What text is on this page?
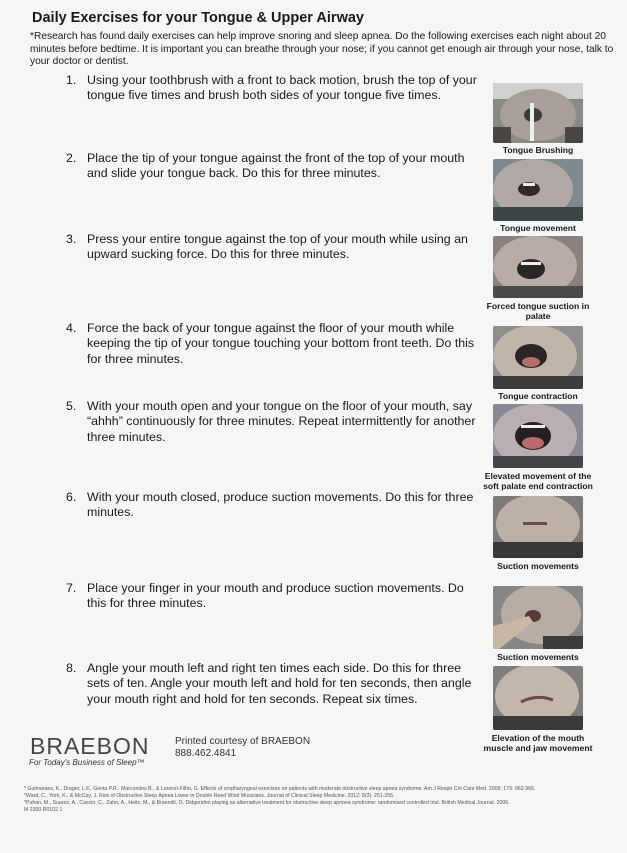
Daily Exercises for your Tongue & Upper Airway
*Research has found daily exercises can help improve snoring and sleep apnea. Do the following exercises each night about 20 minutes before bedtime. It is important you can breathe through your nose; if you cannot get enough air through your nose, talk to your doctor or dentist.
1. Using your toothbrush with a front to back motion, brush the top of your tongue five times and brush both sides of your tongue five times.
Tongue Brushing
2. Place the tip of your tongue against the front of the top of your mouth and slide your tongue back. Do this for three minutes.
Tongue movement
3. Press your entire tongue against the top of your mouth while using an upward sucking force. Do this for three minutes.
Forced tongue suction in palate
4. Force the back of your tongue against the floor of your mouth while keeping the tip of your tongue touching your bottom front teeth. Do this for three minutes.
Tongue contraction
5. With your mouth open and your tongue on the floor of your mouth, say “ahhh” continuously for three minutes. Repeat intermittently for another three minutes.
Elevated movement of the soft palate end contraction
6. With your mouth closed, produce suction movements. Do this for three minutes.
Suction movements
7. Place your finger in your mouth and produce suction movements. Do this for three minutes.
Suction movements
8. Angle your mouth left and right ten times each side. Do this for three sets of ten. Angle your mouth left and hold for ten seconds, then angle your mouth right and hold for ten seconds. Repeat six times.
Elevation of the mouth muscle and jaw movement
BRAEBON
For Today's Business of Sleep™
Printed courtesy of BRAEBON
888.462.4841
* Guimaraes, K., Drager, L.F., Genta P.R., Marcondes B., & Lorenzi-Filho, G. Effects of oropharyngeal exercises on patients with moderate obstructive sleep apnea syndrome. Am J Respir Crit Care Med. 2009; 179: 962-966.
*Ward, C., York, K., & McCoy, J. Risk of Obstructive Sleep Apnea Lower in Double Reed Wind Musicians. Journal of Clinical Sleep Medicine. 2012; 8(3): 251-255.
*Puhan, M., Suarez, A., Cascio, C., Zahn, A., Heitz, M., & Braendli, O. Didgeridoo playing as alternative treatment for obstructive sleep apnoea syndrome: randomised controlled trial. British Medical Journal. 2006.
M 2300 R0102.1
